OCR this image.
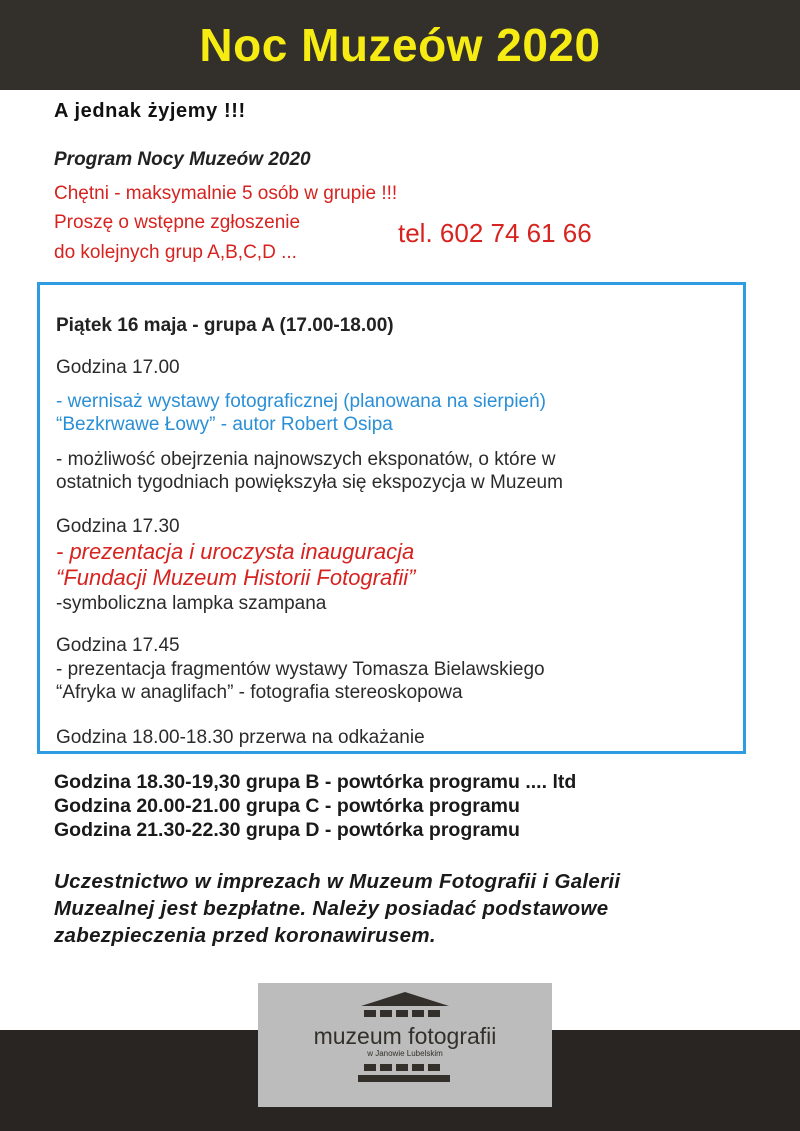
Noc Muzeów 2020
A jednak żyjemy !!!
Program Nocy Muzeów 2020
Chętni - maksymalnie 5 osób w grupie !!!
Proszę o wstępne zgłoszenie
do kolejnych grup A,B,C,D ...
tel. 602 74 61 66
Piątek 16 maja - grupa A (17.00-18.00)
Godzina 17.00
- wernisaż wystawy fotograficznej (planowana na sierpień)
“Bezkrwawe Łowy” - autor Robert Osipa
- możliwość obejrzenia najnowszych eksponatów, o które w
ostatnich tygodniach powiększyła się ekspozycja w Muzeum
Godzina 17.30
- prezentacja i uroczysta inauguracja
“Fundacji Muzeum Historii Fotografii”
-symboliczna lampka szampana
Godzina 17.45
- prezentacja fragmentów wystawy Tomasza Bielawskiego
“Afryka w anaglifach” - fotografia stereoskopowa
Godzina 18.00-18.30 przerwa na odkażanie
Godzina 18.30-19,30 grupa B - powtórka programu .... ltd
Godzina 20.00-21.00 grupa C - powtórka programu
Godzina 21.30-22.30 grupa D - powtórka programu
Uczestnictwo w imprezach w Muzeum Fotografii i Galerii
Muzealnej jest bezpłatne. Należy posiadać podstawowe
zabezpieczenia przed koronawirusem.
muzeum fotografii
w Janowie Lubelskim
